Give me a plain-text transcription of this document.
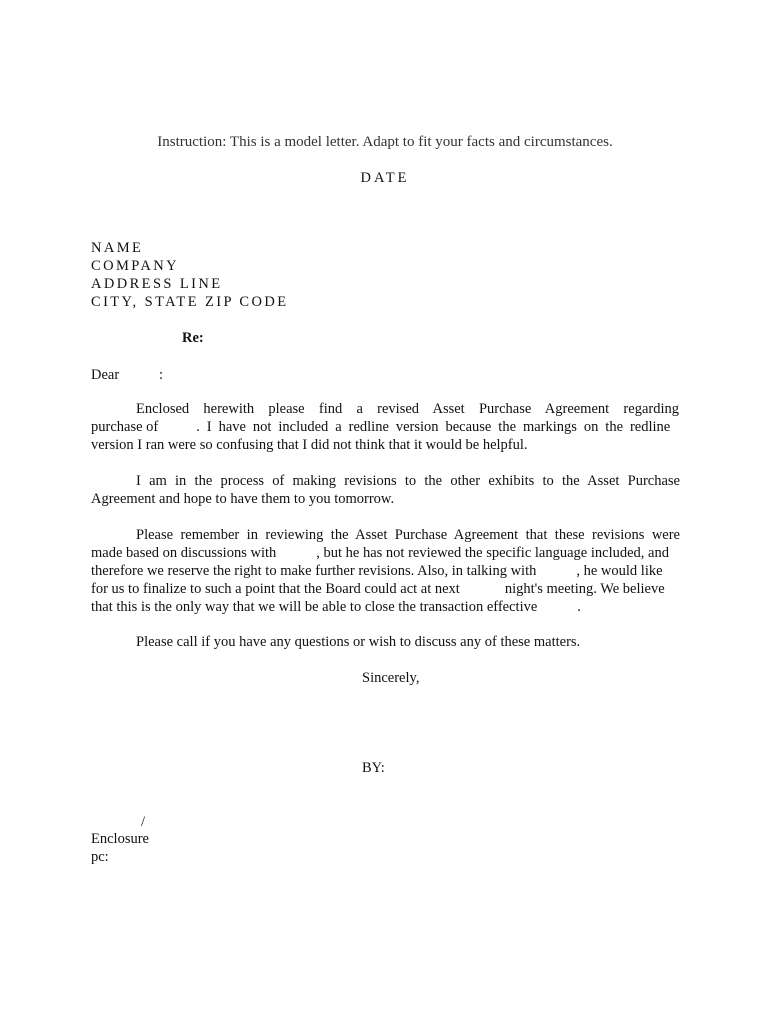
Instruction: This is a model letter. Adapt to fit your facts and circumstances.
DATE
NAME
COMPANY
ADDRESS LINE
CITY, STATE ZIP CODE
Re:
Dear	:
Enclosed herewith please find a revised Asset Purchase Agreement regarding
purchase of	. I have not included a redline version because the markings on the redline
version I ran were so confusing that I did not think that it would be helpful.
I am in the process of making revisions to the other exhibits to the Asset Purchase
Agreement and hope to have them to you tomorrow.
Please remember in reviewing the Asset Purchase Agreement that these revisions were
made based on discussions with	, but he has not reviewed the specific language included, and
therefore we reserve the right to make further revisions. Also, in talking with	, he would like
for us to finalize to such a point that the Board could act at next	night's meeting. We believe
that this is the only way that we will be able to close the transaction effective	.
Please call if you have any questions or wish to discuss any of these matters.
Sincerely,
BY:
/
Enclosure
pc:
